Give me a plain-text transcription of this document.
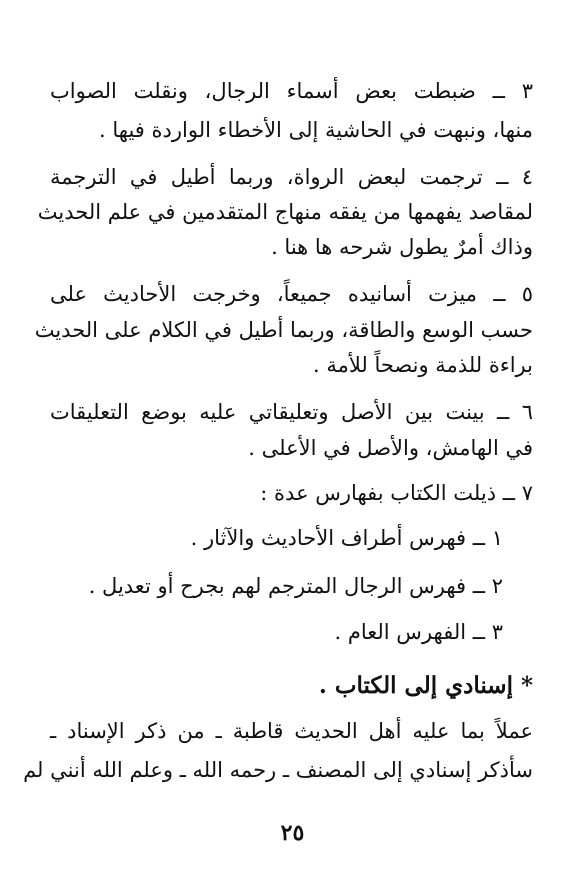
٣ ــ ضبطت بعض أسماء الرجال، ونقلت الصواب
منها، ونبهت في الحاشية إلى الأخطاء الواردة فيها .
٤ ــ ترجمت لبعض الرواة، وربما أطيل في الترجمة
لمقاصد يفهمها من يفقه منهاج المتقدمين في علم الحديث
وذاك أمرٌ يطول شرحه ها هنا .
٥ ــ ميزت أسانيده جميعاً، وخرجت الأحاديث على
حسب الوسع والطاقة، وربما أطيل في الكلام على الحديث
براءة للذمة ونصحاً للأمة .
٦ ــ بينت بين الأصل وتعليقاتي عليه بوضع التعليقات
في الهامش، والأصل في الأعلى .
٧ ــ ذيلت الكتاب بفهارس عدة :
١ ــ فهرس أطراف الأحاديث والآثار .
٢ ــ فهرس الرجال المترجم لهم بجرح أو تعديل .
٣ ــ الفهرس العام .
* إسنادي إلى الكتاب .
عملاً بما عليه أهل الحديث قاطبة ـ من ذكر الإسناد ـ
سأذكر إسنادي إلى المصنف ـ رحمه الله ـ وعلم الله أنني لم
٢٥
